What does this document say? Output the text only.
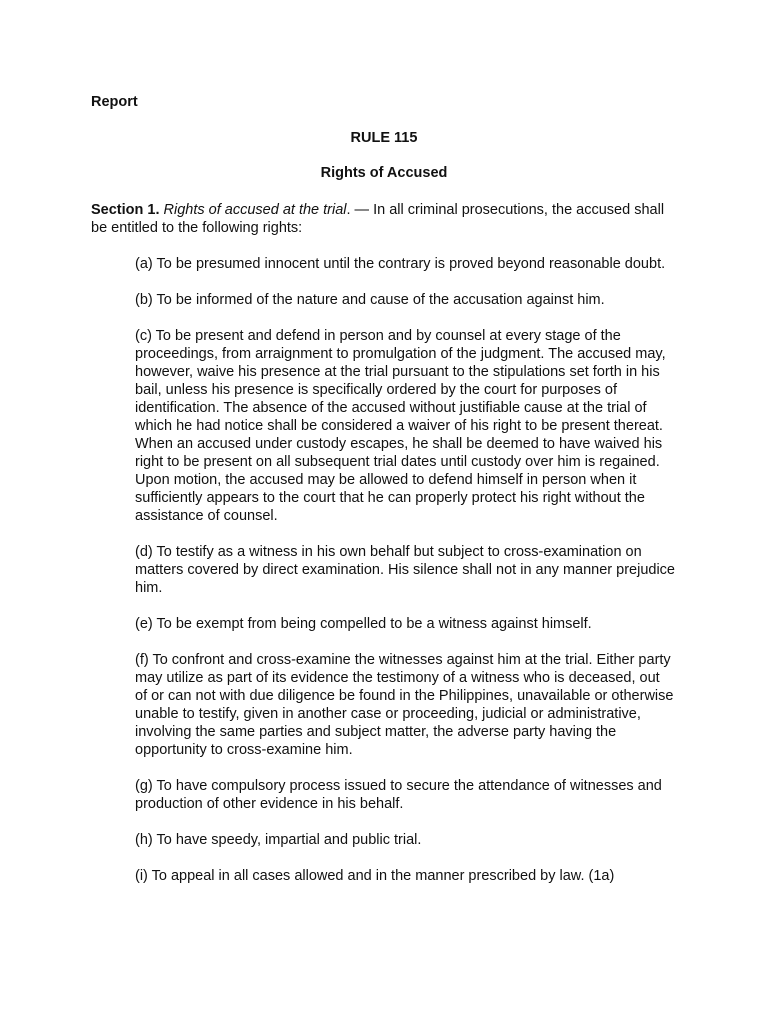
Report
RULE 115
Rights of Accused
Section 1. Rights of accused at the trial. — In all criminal prosecutions, the accused shall be entitled to the following rights:
(a) To be presumed innocent until the contrary is proved beyond reasonable doubt.
(b) To be informed of the nature and cause of the accusation against him.
(c) To be present and defend in person and by counsel at every stage of the proceedings, from arraignment to promulgation of the judgment. The accused may, however, waive his presence at the trial pursuant to the stipulations set forth in his bail, unless his presence is specifically ordered by the court for purposes of identification. The absence of the accused without justifiable cause at the trial of which he had notice shall be considered a waiver of his right to be present thereat. When an accused under custody escapes, he shall be deemed to have waived his right to be present on all subsequent trial dates until custody over him is regained. Upon motion, the accused may be allowed to defend himself in person when it sufficiently appears to the court that he can properly protect his right without the assistance of counsel.
(d) To testify as a witness in his own behalf but subject to cross-examination on matters covered by direct examination. His silence shall not in any manner prejudice him.
(e) To be exempt from being compelled to be a witness against himself.
(f) To confront and cross-examine the witnesses against him at the trial. Either party may utilize as part of its evidence the testimony of a witness who is deceased, out of or can not with due diligence be found in the Philippines, unavailable or otherwise unable to testify, given in another case or proceeding, judicial or administrative, involving the same parties and subject matter, the adverse party having the opportunity to cross-examine him.
(g) To have compulsory process issued to secure the attendance of witnesses and production of other evidence in his behalf.
(h) To have speedy, impartial and public trial.
(i) To appeal in all cases allowed and in the manner prescribed by law. (1a)
